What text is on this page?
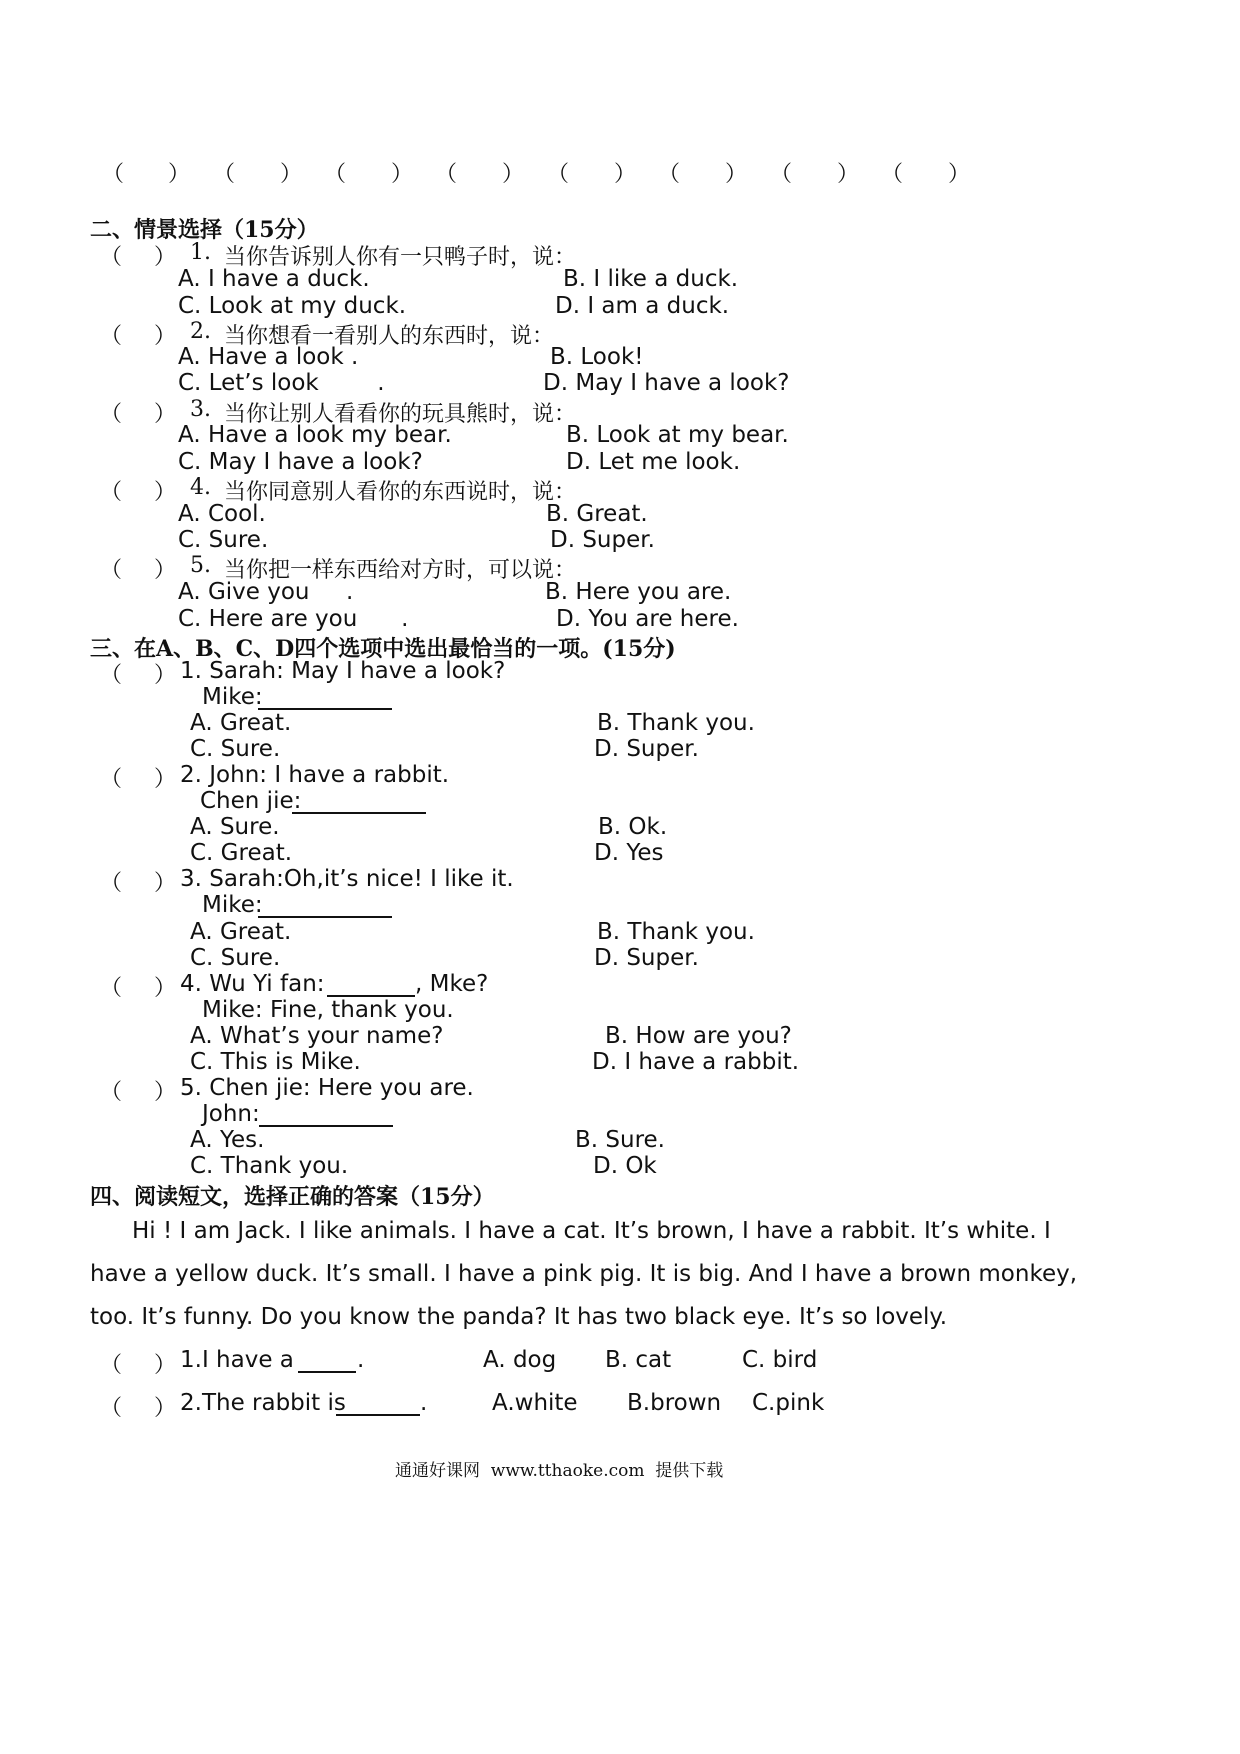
（ ） （ ） （ ） （ ） （ ） （ ） （ ） （ ）
二、情景选择（15分）
（ ） 1. 当你告诉别人你有一只鸭子时，说：
A. I have a duck.	B. I like a duck.
C. Look at my duck.	D. I am a duck.
（ ） 2. 当你想看一看别人的东西时，说：
A. Have a look .	B. Look!
C. Let’s look        .	D. May I have a look?
（ ） 3. 当你让别人看看你的玩具熊时，说：
A. Have a look my bear.	B. Look at my bear.
C. May I have a look?	D. Let me look.
（ ） 4. 当你同意别人看你的东西说时，说：
A. Cool.	B. Great.
C. Sure.	D. Super.
（ ） 5. 当你把一样东西给对方时，可以说：
A. Give you     .	B. Here you are.
C. Here are you      .	D. You are here.
三、在A、B、C、D四个选项中选出最恰当的一项。(15分)
（ ） 1. Sarah: May I have a look?
Mike:
A. Great.	B. Thank you.
C. Sure.	D. Super.
（ ） 2. John: I have a rabbit.
Chen jie:
A. Sure.	B. Ok.
C. Great.	D. Yes
（ ） 3. Sarah:Oh,it’s nice! I like it.
Mike:
A. Great.	B. Thank you.
C. Sure.	D. Super.
（ ） 4. Wu Yi fan:	, Mke?
Mike: Fine, thank you.
A. What’s your name?	B. How are you?
C. This is Mike.	D. I have a rabbit.
（ ） 5. Chen jie: Here you are.
John:
A. Yes.	B. Sure.
C. Thank you.	D. Ok
四、阅读短文，选择正确的答案（15分）
Hi ! I am Jack. I like animals. I have a cat. It’s brown, I have a rabbit. It’s white. I
have a yellow duck. It’s small. I have a pink pig. It is big. And I have a brown monkey,
too. It’s funny. Do you know the panda? It has two black eye. It’s so lovely.
（ ） 1.I have a	.	A. dog B. cat	C. bird
（ ） 2.The rabbit is	.	A.white B.brown C.pink
通通好课网  www.tthaoke.com  提供下载
